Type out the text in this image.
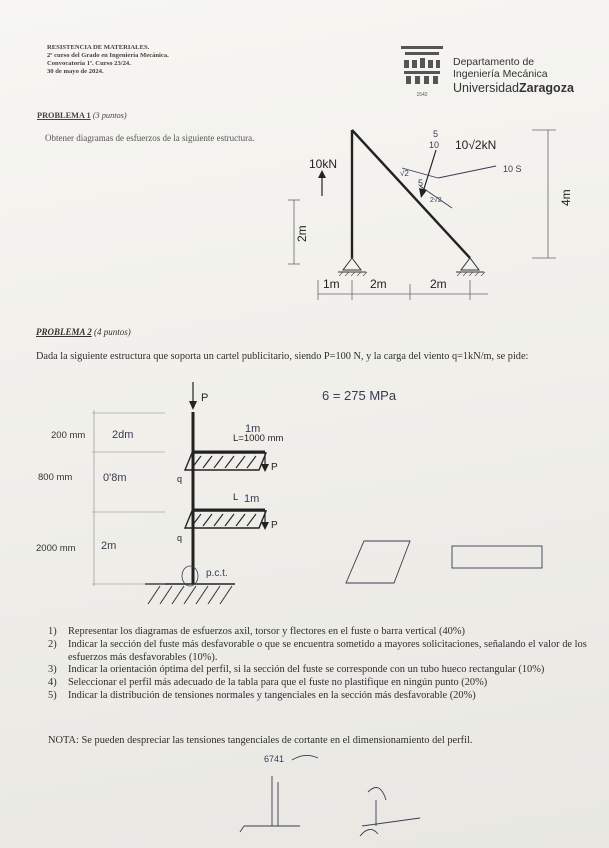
RESISTENCIA DE MATERIALES.
2º curso del Grado en Ingeniería Mecánica.
Convocatoria 1ª. Curso 23/24.
30 de mayo de 2024.
1542
Departamento de
Ingeniería Mecánica
UniversidadZaragoza
PROBLEMA 1 (3 puntos)
Obtener diagramas de esfuerzos de la siguiente estructura.
10kN
10√2kN
2m
4m
1m	2m	2m
5
10
10 S
√2
5
2√2
PROBLEMA 2 (4 puntos)
Dada la siguiente estructura que soporta un cartel publicitario, siendo P=100 N, y la carga del viento q=1kN/m, se pide:
P
200 mm
800 mm
2000 mm
P
L=1000 mm
q
P
L
q
2dm
0'8m
2m
1m
1m
p.c.t.
6 = 275 MPa
1) Representar los diagramas de esfuerzos axil, torsor y flectores en el fuste o barra vertical (40%)
2) Indicar la sección del fuste más desfavorable o que se encuentra sometido a mayores solicitaciones, señalando el valor de los esfuerzos más desfavorables (10%).
3) Indicar la orientación óptima del perfil, si la sección del fuste se corresponde con un tubo hueco rectangular (10%)
4) Seleccionar el perfil más adecuado de la tabla para que el fuste no plastifique en ningún punto (20%)
5) Indicar la distribución de tensiones normales y tangenciales en la sección más desfavorable (20%)
NOTA: Se pueden despreciar las tensiones tangenciales de cortante en el dimensionamiento del perfil.
6741
